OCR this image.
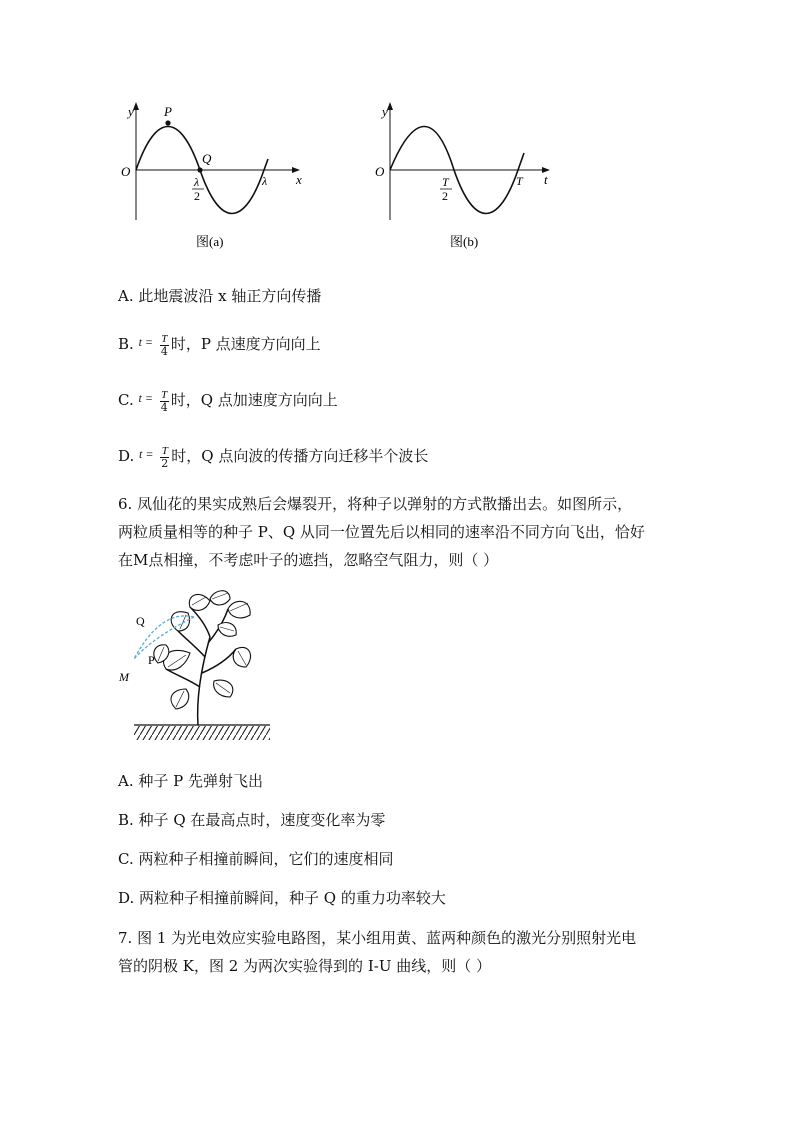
y
x
O
P
Q
λ
2
λ
图(a)
y
t
O
T
2
T
图(b)
A. 此地震波沿 x 轴正方向传播
B. $^{t =} \frac{T}{4}$ 时，P 点速度方向向上
C. $^{t =} \frac{T}{4}$ 时，Q 点加速度方向向上
D. $^{t =} \frac{T}{2}$ 时，Q 点向波的传播方向迁移半个波长
6. 凤仙花的果实成熟后会爆裂开，将种子以弹射的方式散播出去。如图所示，
两粒质量相等的种子 P、Q 从同一位置先后以相同的速率沿不同方向飞出，恰好
在M点相撞，不考虑叶子的遮挡，忽略空气阻力，则（ ）
Q
P
M
A. 种子 P 先弹射飞出
B. 种子 Q 在最高点时，速度变化率为零
C. 两粒种子相撞前瞬间，它们的速度相同
D. 两粒种子相撞前瞬间，种子 Q 的重力功率较大
7. 图 1 为光电效应实验电路图，某小组用黄、蓝两种颜色的激光分别照射光电
管的阴极 K，图 2 为两次实验得到的 I-U 曲线，则（ ）
